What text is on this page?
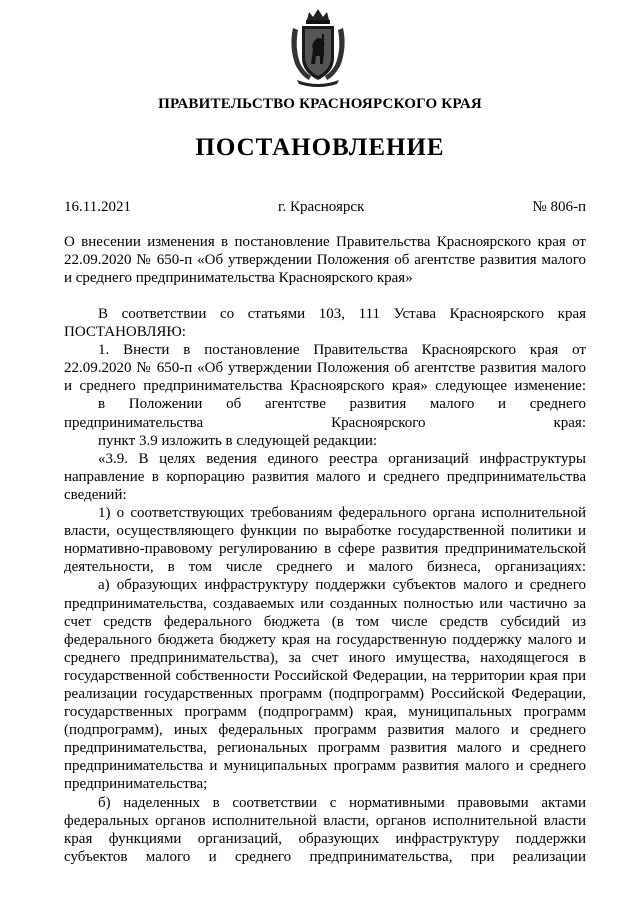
ПРАВИТЕЛЬСТВО КРАСНОЯРСКОГО КРАЯ
ПОСТАНОВЛЕНИЕ
16.11.2021	г. Красноярск	№ 806-п
О внесении изменения в постановление Правительства Красноярского края от 22.09.2020 № 650-п «Об утверждении Положения об агентстве развития малого и среднего предпринимательства Красноярского края»

В соответствии со статьями 103, 111 Устава Красноярского края

ПОСТАНОВЛЯЮ:

1. Внести в постановление Правительства Красноярского края от 22.09.2020 № 650-п «Об утверждении Положения об агентстве развития малого и среднего предпринимательства Красноярского края» следующее изменение:

в Положении об агентстве развития малого и среднего предпринимательства Красноярского края:

пункт 3.9 изложить в следующей редакции:

«3.9. В целях ведения единого реестра организаций инфраструктуры направление в корпорацию развития малого и среднего предпринимательства сведений:

1) о соответствующих требованиям федерального органа исполнительной власти, осуществляющего функции по выработке государственной политики и нормативно-правовому регулированию в сфере развития предпринимательской деятельности, в том числе среднего и малого бизнеса, организациях:

а) образующих инфраструктуру поддержки субъектов малого и среднего предпринимательства, создаваемых или созданных полностью или частично за счет средств федерального бюджета (в том числе средств субсидий из федерального бюджета бюджету края на государственную поддержку малого и среднего предпринимательства), за счет иного имущества, находящегося в государственной собственности Российской Федерации, на территории края при реализации государственных программ (подпрограмм) Российской Федерации, государственных программ (подпрограмм) края, муниципальных программ (подпрограмм), иных федеральных программ развития малого и среднего предпринимательства, региональных программ развития малого и среднего предпринимательства и муниципальных программ развития малого и среднего предпринимательства;

б) наделенных в соответствии с нормативными правовыми актами федеральных органов исполнительной власти, органов исполнительной власти края функциями организаций, образующих инфраструктуру поддержки субъектов малого и среднего предпринимательства, при реализации
